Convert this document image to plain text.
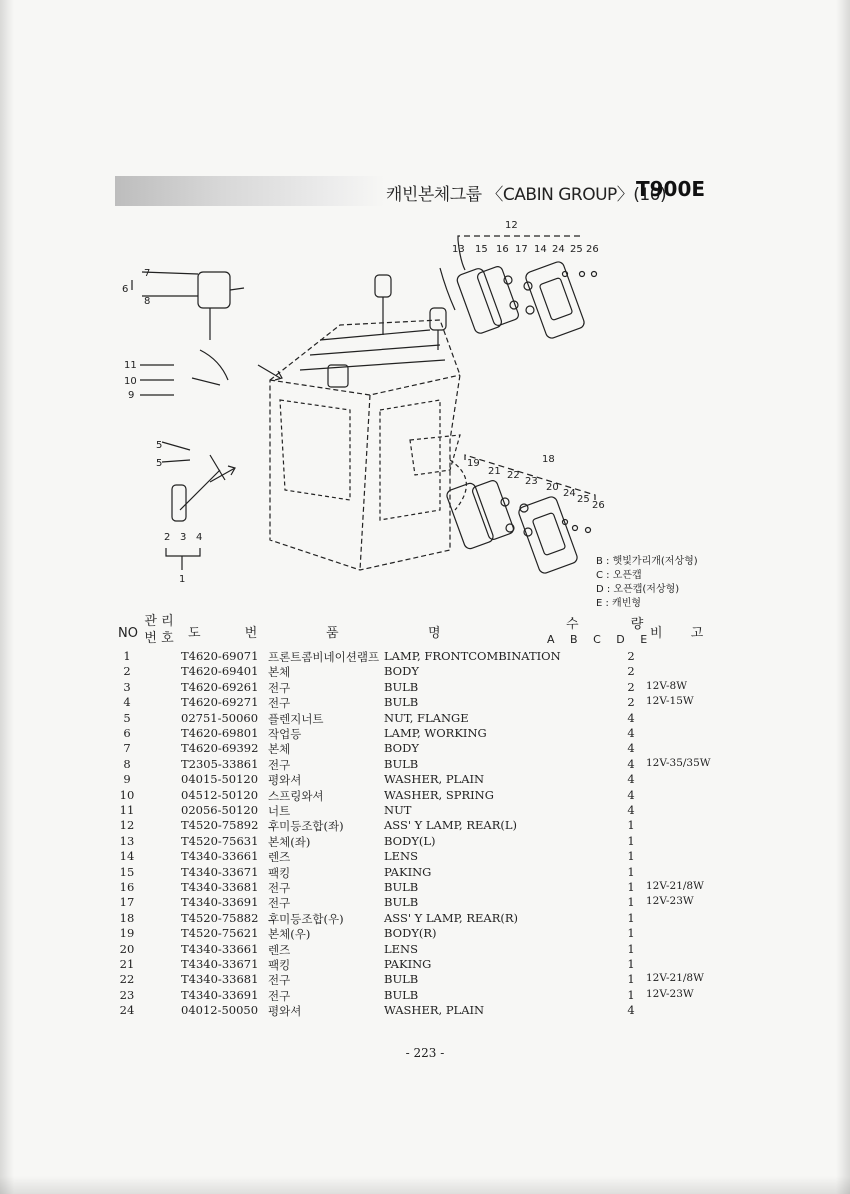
캐빈본체그룹 〈CABIN GROUP〉(10)
T900E
12
13 15 16 17 14 24 25 26
7
6
8
11
10
9
5
5
2 3 4
1
18
19
21 22
23
20
24
25
26
B : 햇빛가리개(저상형)
C : 오픈캡
D : 오픈캡(저상형)
E : 캐빈형
NO
관 리 번 호 도 번	품	명
수 량
A B C D E
비 고
1	T4620-69071 프론트콤비네이션램프 LAMP, FRONTCOMBINATION	2
2	T4620-69401 본체	BODY	2
3	T4620-69261 전구	BULB	2	12V-8W
4	T4620-69271 전구	BULB	2	12V-15W
5	02751-50060 플렌지너트	NUT, FLANGE	4
6	T4620-69801 작업등	LAMP, WORKING	4
7	T4620-69392 본체	BODY	4
8	T2305-33861 전구	BULB	4	12V-35/35W
9	04015-50120 평와셔	WASHER, PLAIN	4
10	04512-50120 스프링와셔	WASHER, SPRING	4
11	02056-50120 너트	NUT	4
12	T4520-75892 후미등조합(좌)	ASS' Y LAMP, REAR(L)	1
13	T4520-75631 본체(좌)	BODY(L)	1
14	T4340-33661 렌즈	LENS	1
15	T4340-33671 팩킹	PAKING	1
16	T4340-33681 전구	BULB	1	12V-21/8W
17	T4340-33691 전구	BULB	1	12V-23W
18	T4520-75882 후미등조합(우)	ASS' Y LAMP, REAR(R)	1
19	T4520-75621 본체(우)	BODY(R)	1
20	T4340-33661 렌즈	LENS	1
21	T4340-33671 팩킹	PAKING	1
22	T4340-33681 전구	BULB	1	12V-21/8W
23	T4340-33691 전구	BULB	1	12V-23W
24	04012-50050 평와셔	WASHER, PLAIN	4
- 223 -
